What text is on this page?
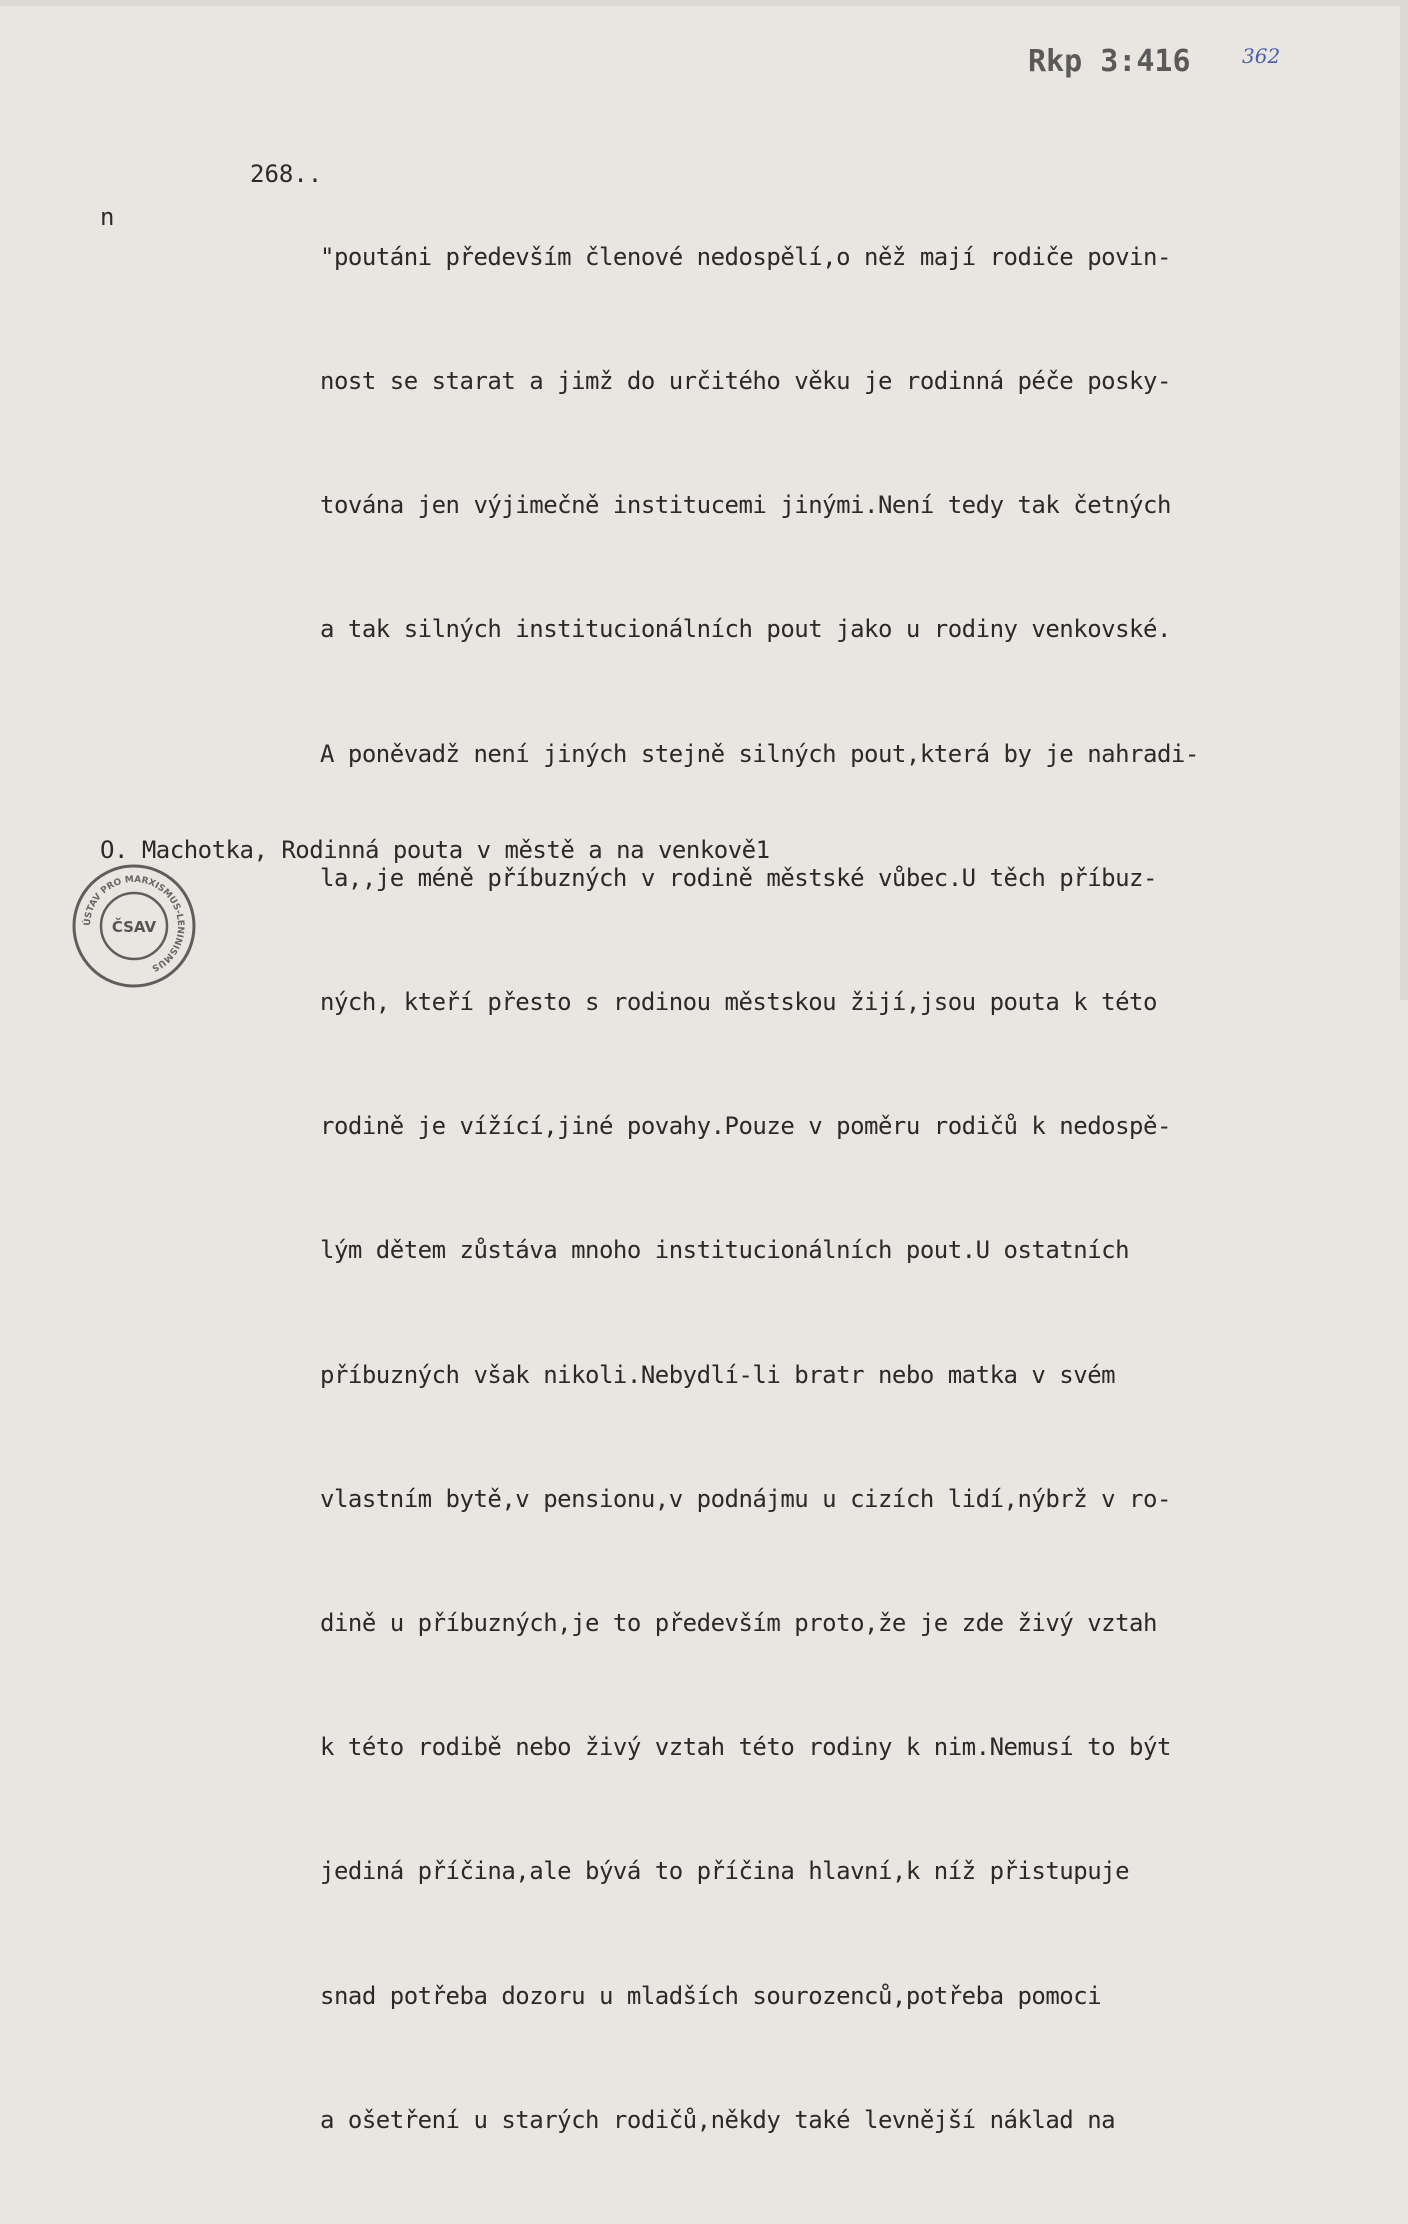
Rkp 3:416	362
268..
n

"poutáni především členové nedospělí,o něž mají rodiče povin-

nost se starat a jimž do určitého věku je rodinná péče posky-

tována jen výjimečně institucemi jinými.Není tedy tak četných

a tak silných institucionálních pout jako u rodiny venkovské.

A poněvadž není jiných stejně silných pout,která by je nahradi-

la,,je méně příbuzných v rodině městské vůbec.U těch příbuz-

ných, kteří přesto s rodinou městskou žijí,jsou pouta k této

rodině je vížící,jiné povahy.Pouze v poměru rodičů k nedospě-

lým dětem zůstáva mnoho institucionálních pout.U ostatních

příbuzných však nikoli.Nebydlí-li bratr nebo matka v svém

vlastním bytě,v pensionu,v podnájmu u cizích lidí,nýbrž v ro-

dině u příbuzných,je to především proto,že je zde živý vztah

k této rodibě nebo živý vztah této rodiny k nim.Nemusí to být

jediná příčina,ale bývá to příčina hlavní,k níž přistupuje

snad potřeba dozoru u mladších sourozenců,potřeba pomoci

a ošetření u starých rodičů,někdy také levnější náklad na

O. Machotka, Rodinná pouta v městě a na venkově1
ÚSTAV PRO MARXISMUS-LENINISMUS
ČSAV
